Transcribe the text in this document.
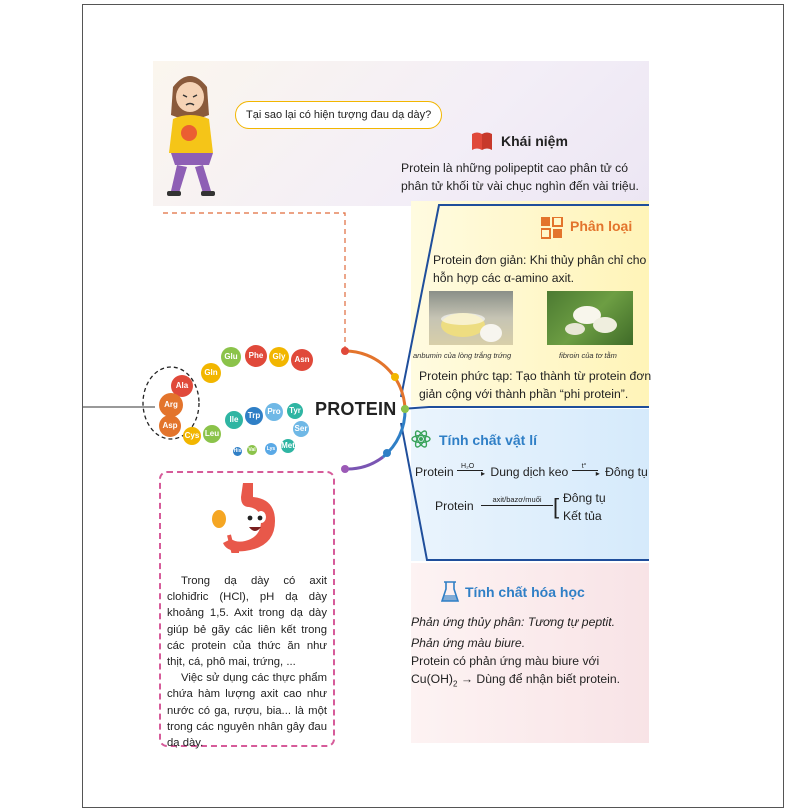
Tại sao lại có hiện tượng đau dạ dày?
Khái niệm
Protein là những polipeptit cao phân tử có
phân tử khối từ vài chục nghìn đến vài triệu.
Phân loại
Protein đơn giản: Khi thủy phân chỉ cho
hỗn hợp các α-amino axit.
anbumin của lòng trắng trứng	fibroin của tơ tằm
Protein phức tạp: Tạo thành từ protein đơn
giản cộng với thành phần “phi protein”.
Tính chất vật lí
Protein H₂O
▸ Dung dịch keo t°
▸ Đông tụ
Protein	axit/bazơ/muối [ Đông tụ
Kết tủa
Tính chất hóa học
Phản ứng thủy phân: Tương tự peptit.
Phản ứng màu biure.
Protein có phản ứng màu biure với
$Cu(OH)_2$ → Dùng để nhận biết protein.
Glu	Phe	Gly	Asn
Gln
Ala
Arg
Asp
Cys Leu
Ile	Trp Pro Tyr
Ser
Met
Lys
Val
His
PROTEIN

Trong dạ dày có axit clohiđric (HCl), pH dạ dày khoảng 1,5. Axit trong dạ dày giúp bẻ gãy các liên kết trong các protein của thức ăn như thịt, cá, phô mai, trứng, ...

Việc sử dụng các thực phẩm chứa hàm lượng axit cao như nước có ga, rượu, bia... là một trong các nguyên nhân gây đau dạ dày.
